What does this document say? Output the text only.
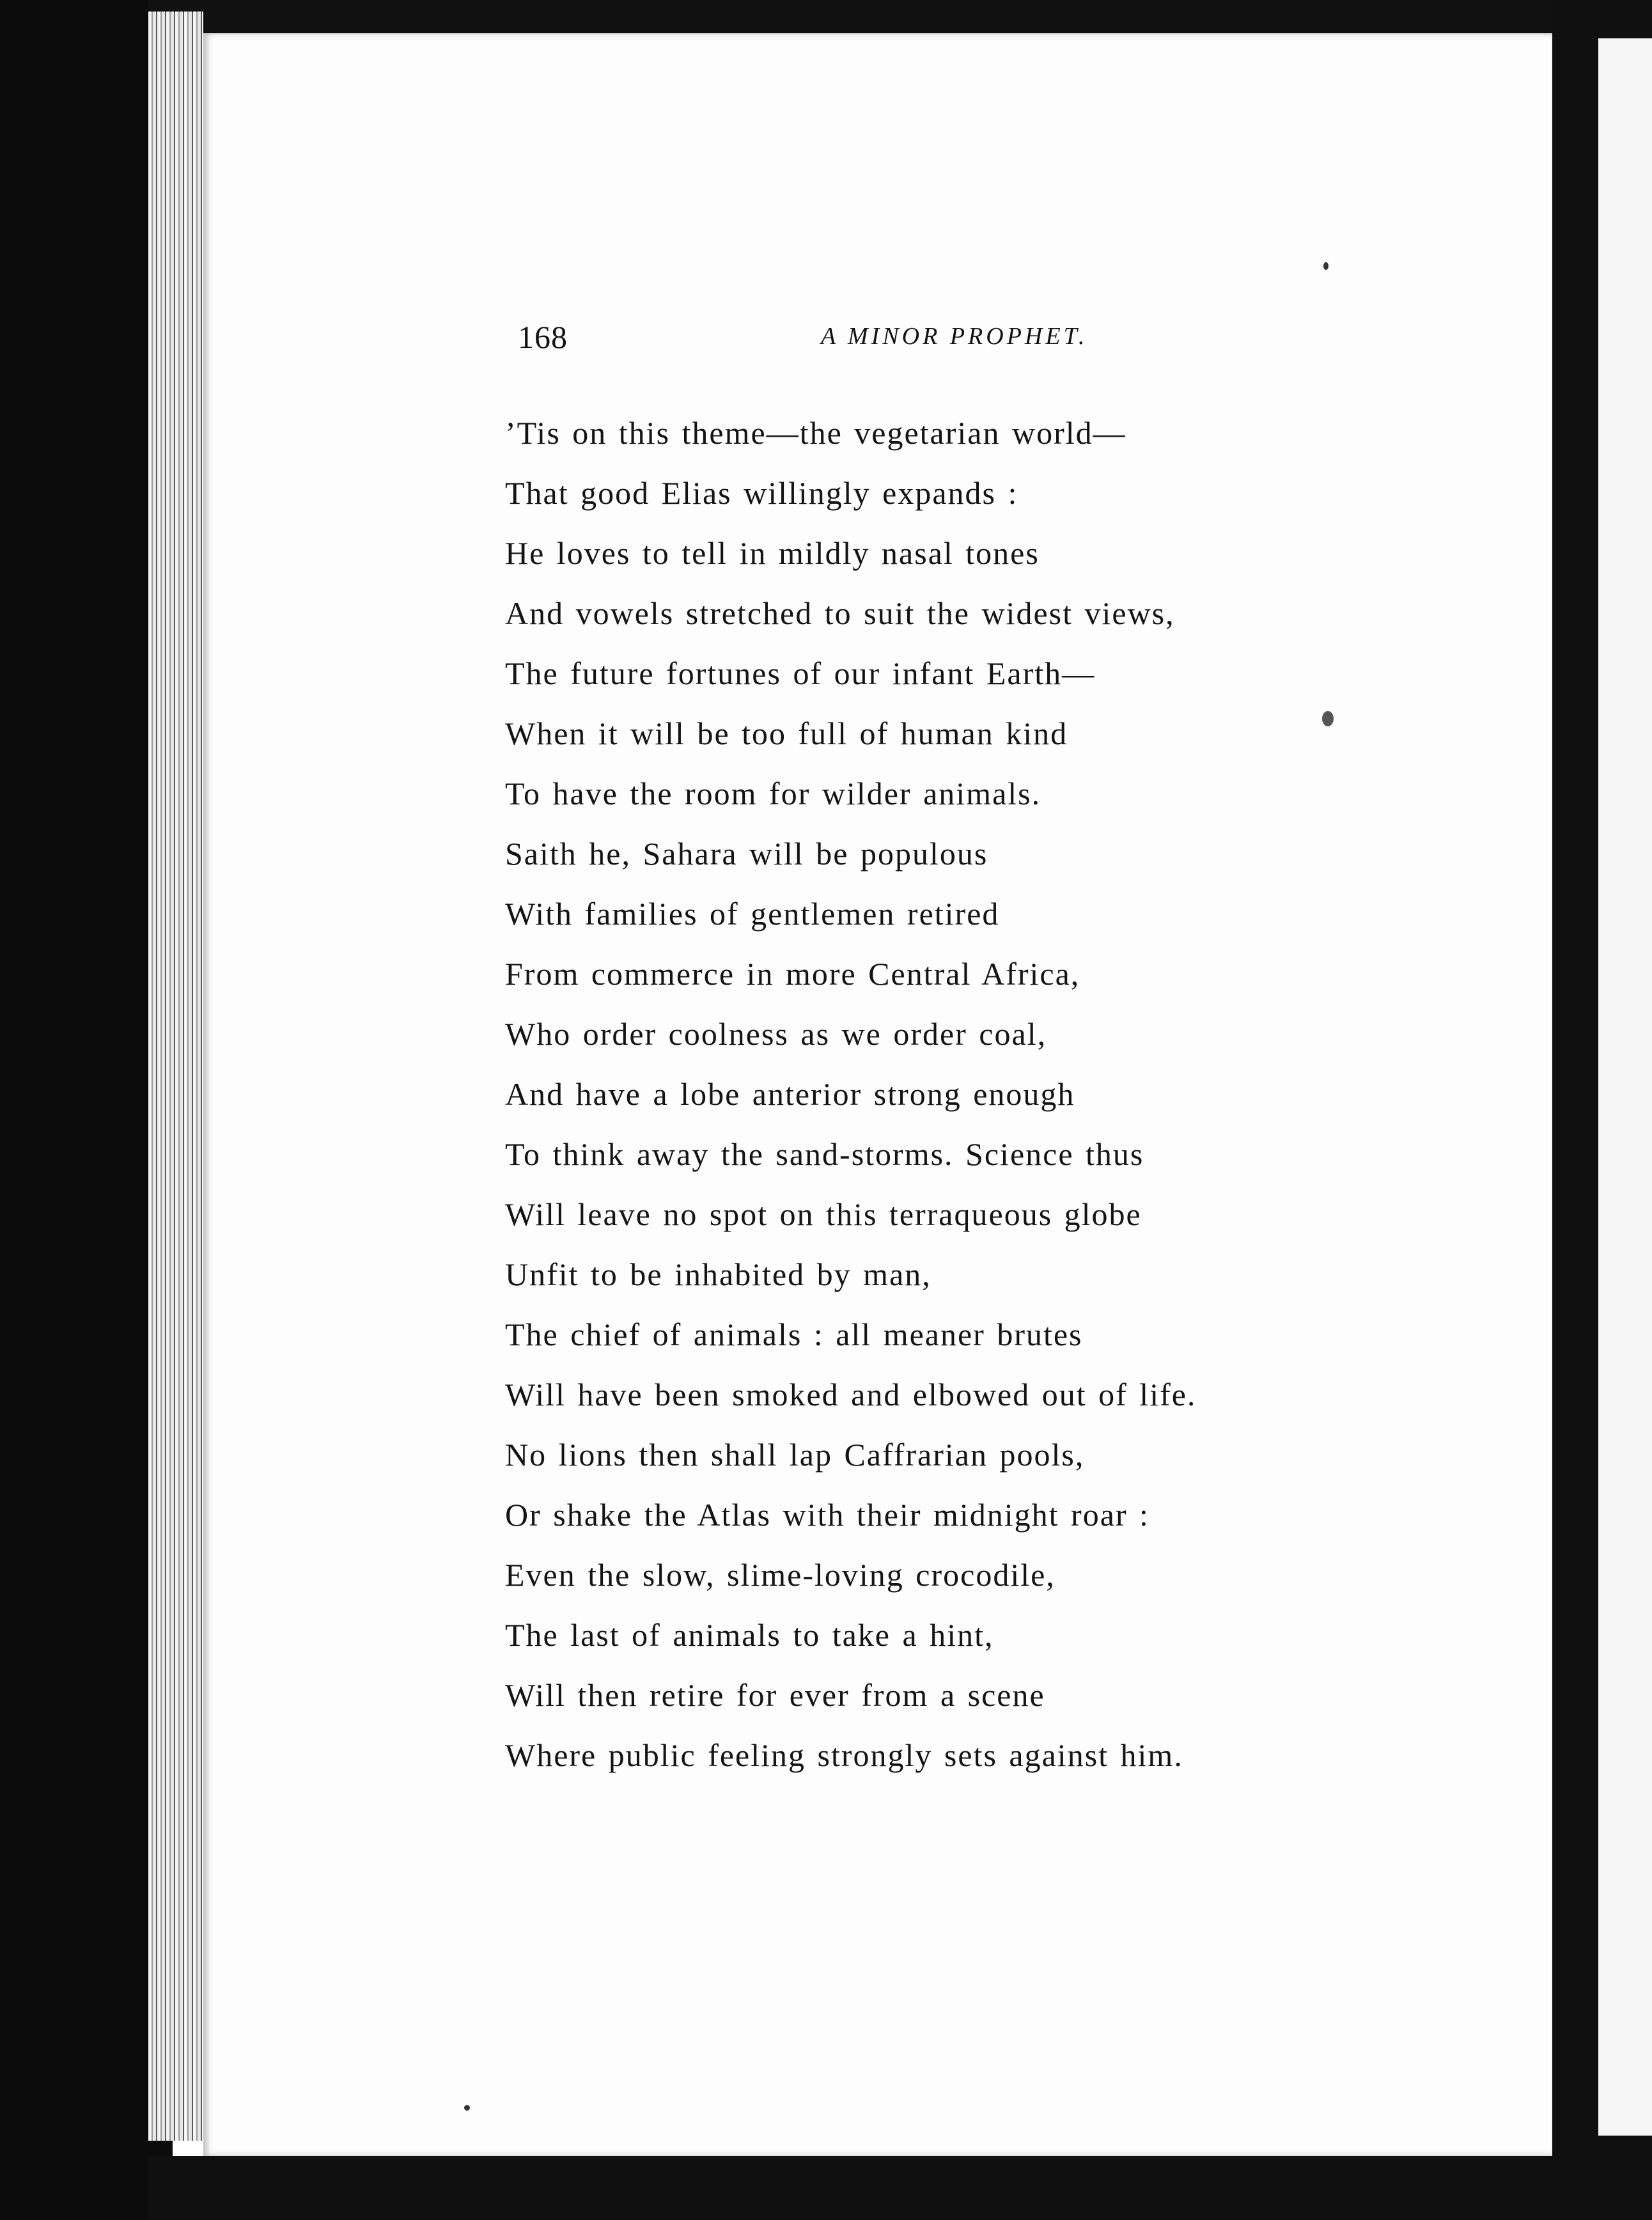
168	A MINOR PROPHET.
’Tis on this theme—the vegetarian world—
That good Elias willingly expands :
He loves to tell in mildly nasal tones
And vowels stretched to suit the widest views,
The future fortunes of our infant Earth—
When it will be too full of human kind
To have the room for wilder animals.
Saith he, Sahara will be populous
With families of gentlemen retired
From commerce in more Central Africa,
Who order coolness as we order coal,
And have a lobe anterior strong enough
To think away the sand-storms. Science thus
Will leave no spot on this terraqueous globe
Unfit to be inhabited by man,
The chief of animals : all meaner brutes
Will have been smoked and elbowed out of life.
No lions then shall lap Caffrarian pools,
Or shake the Atlas with their midnight roar :
Even the slow, slime-loving crocodile,
The last of animals to take a hint,
Will then retire for ever from a scene
Where public feeling strongly sets against him.
